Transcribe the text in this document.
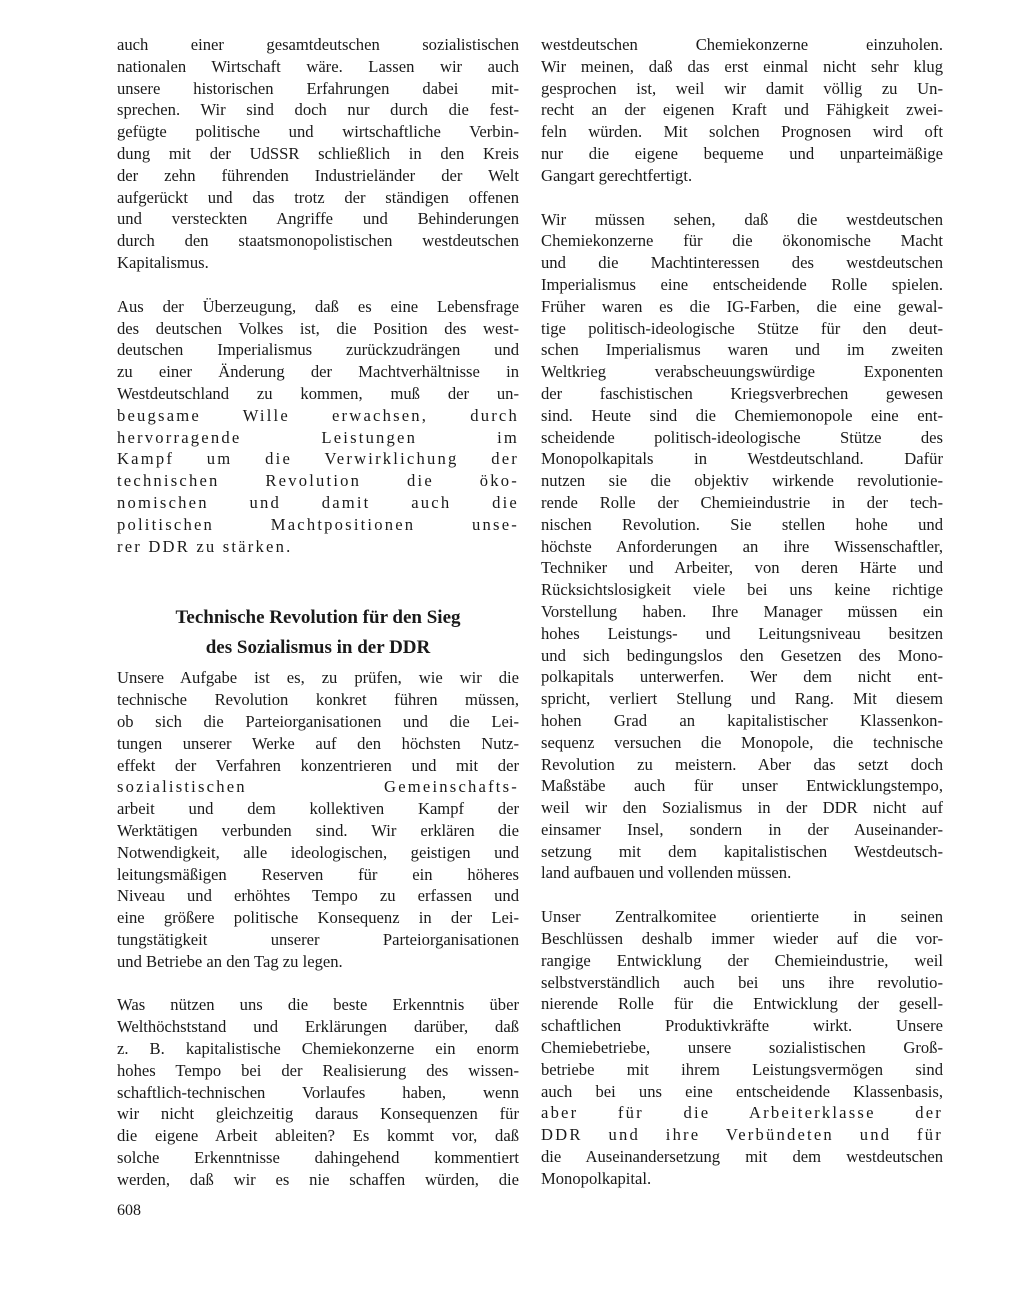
auch einer gesamtdeutschen sozialistischen
nationalen Wirtschaft wäre. Lassen wir auch
unsere historischen Erfahrungen dabei mit-
sprechen. Wir sind doch nur durch die fest-
gefügte politische und wirtschaftliche Verbin-
dung mit der UdSSR schließlich in den Kreis
der zehn führenden Industrieländer der Welt
aufgerückt und das trotz der ständigen offenen
und versteckten Angriffe und Behinderungen
durch den staatsmonopolistischen westdeutschen
Kapitalismus.
Aus der Überzeugung, daß es eine Lebensfrage
des deutschen Volkes ist, die Position des west-
deutschen Imperialismus zurückzudrängen und
zu einer Änderung der Machtverhältnisse in
Westdeutschland zu kommen, muß der un-
beugsame Wille erwachsen, durch
hervorragende Leistungen im
Kampf um die Verwirklichung der
technischen Revolution die öko-
nomischen und damit auch die
politischen Machtpositionen unse-
rer DDR zu stärken.
Technische Revolution für den Sieg
des Sozialismus in der DDR
Unsere Aufgabe ist es, zu prüfen, wie wir die
technische Revolution konkret führen müssen,
ob sich die Parteiorganisationen und die Lei-
tungen unserer Werke auf den höchsten Nutz-
effekt der Verfahren konzentrieren und mit der
sozialistischen Gemeinschafts-
arbeit und dem kollektiven Kampf der
Werktätigen verbunden sind. Wir erklären die
Notwendigkeit, alle ideologischen, geistigen und
leitungsmäßigen Reserven für ein höheres
Niveau und erhöhtes Tempo zu erfassen und
eine größere politische Konsequenz in der Lei-
tungstätigkeit unserer Parteiorganisationen
und Betriebe an den Tag zu legen.
Was nützen uns die beste Erkenntnis über
Welthöchststand und Erklärungen darüber, daß
z. B. kapitalistische Chemiekonzerne ein enorm
hohes Tempo bei der Realisierung des wissen-
schaftlich-technischen Vorlaufes haben, wenn
wir nicht gleichzeitig daraus Konsequenzen für
die eigene Arbeit ableiten? Es kommt vor, daß
solche Erkenntnisse dahingehend kommentiert
werden, daß wir es nie schaffen würden, die
westdeutschen Chemiekonzerne einzuholen.
Wir meinen, daß das erst einmal nicht sehr klug
gesprochen ist, weil wir damit völlig zu Un-
recht an der eigenen Kraft und Fähigkeit zwei-
feln würden. Mit solchen Prognosen wird oft
nur die eigene bequeme und unparteimäßige
Gangart gerechtfertigt.
Wir müssen sehen, daß die westdeutschen
Chemiekonzerne für die ökonomische Macht
und die Machtinteressen des westdeutschen
Imperialismus eine entscheidende Rolle spielen.
Früher waren es die IG-Farben, die eine gewal-
tige politisch-ideologische Stütze für den deut-
schen Imperialismus waren und im zweiten
Weltkrieg verabscheuungswürdige Exponenten
der faschistischen Kriegsverbrechen gewesen
sind. Heute sind die Chemiemonopole eine ent-
scheidende politisch-ideologische Stütze des
Monopolkapitals in Westdeutschland. Dafür
nutzen sie die objektiv wirkende revolutionie-
rende Rolle der Chemieindustrie in der tech-
nischen Revolution. Sie stellen hohe und
höchste Anforderungen an ihre Wissenschaftler,
Techniker und Arbeiter, von deren Härte und
Rücksichtslosigkeit viele bei uns keine richtige
Vorstellung haben. Ihre Manager müssen ein
hohes Leistungs- und Leitungsniveau besitzen
und sich bedingungslos den Gesetzen des Mono-
polkapitals unterwerfen. Wer dem nicht ent-
spricht, verliert Stellung und Rang. Mit diesem
hohen Grad an kapitalistischer Klassenkon-
sequenz versuchen die Monopole, die technische
Revolution zu meistern. Aber das setzt doch
Maßstäbe auch für unser Entwicklungstempo,
weil wir den Sozialismus in der DDR nicht auf
einsamer Insel, sondern in der Auseinander-
setzung mit dem kapitalistischen Westdeutsch-
land aufbauen und vollenden müssen.
Unser Zentralkomitee orientierte in seinen
Beschlüssen deshalb immer wieder auf die vor-
rangige Entwicklung der Chemieindustrie, weil
selbstverständlich auch bei uns ihre revolutio-
nierende Rolle für die Entwicklung der gesell-
schaftlichen Produktivkräfte wirkt. Unsere
Chemiebetriebe, unsere sozialistischen Groß-
betriebe mit ihrem Leistungsvermögen sind
auch bei uns eine entscheidende Klassenbasis,
aber für die Arbeiterklasse der
DDR und ihre Verbündeten und für
die Auseinandersetzung mit dem westdeutschen
Monopolkapital.
608
